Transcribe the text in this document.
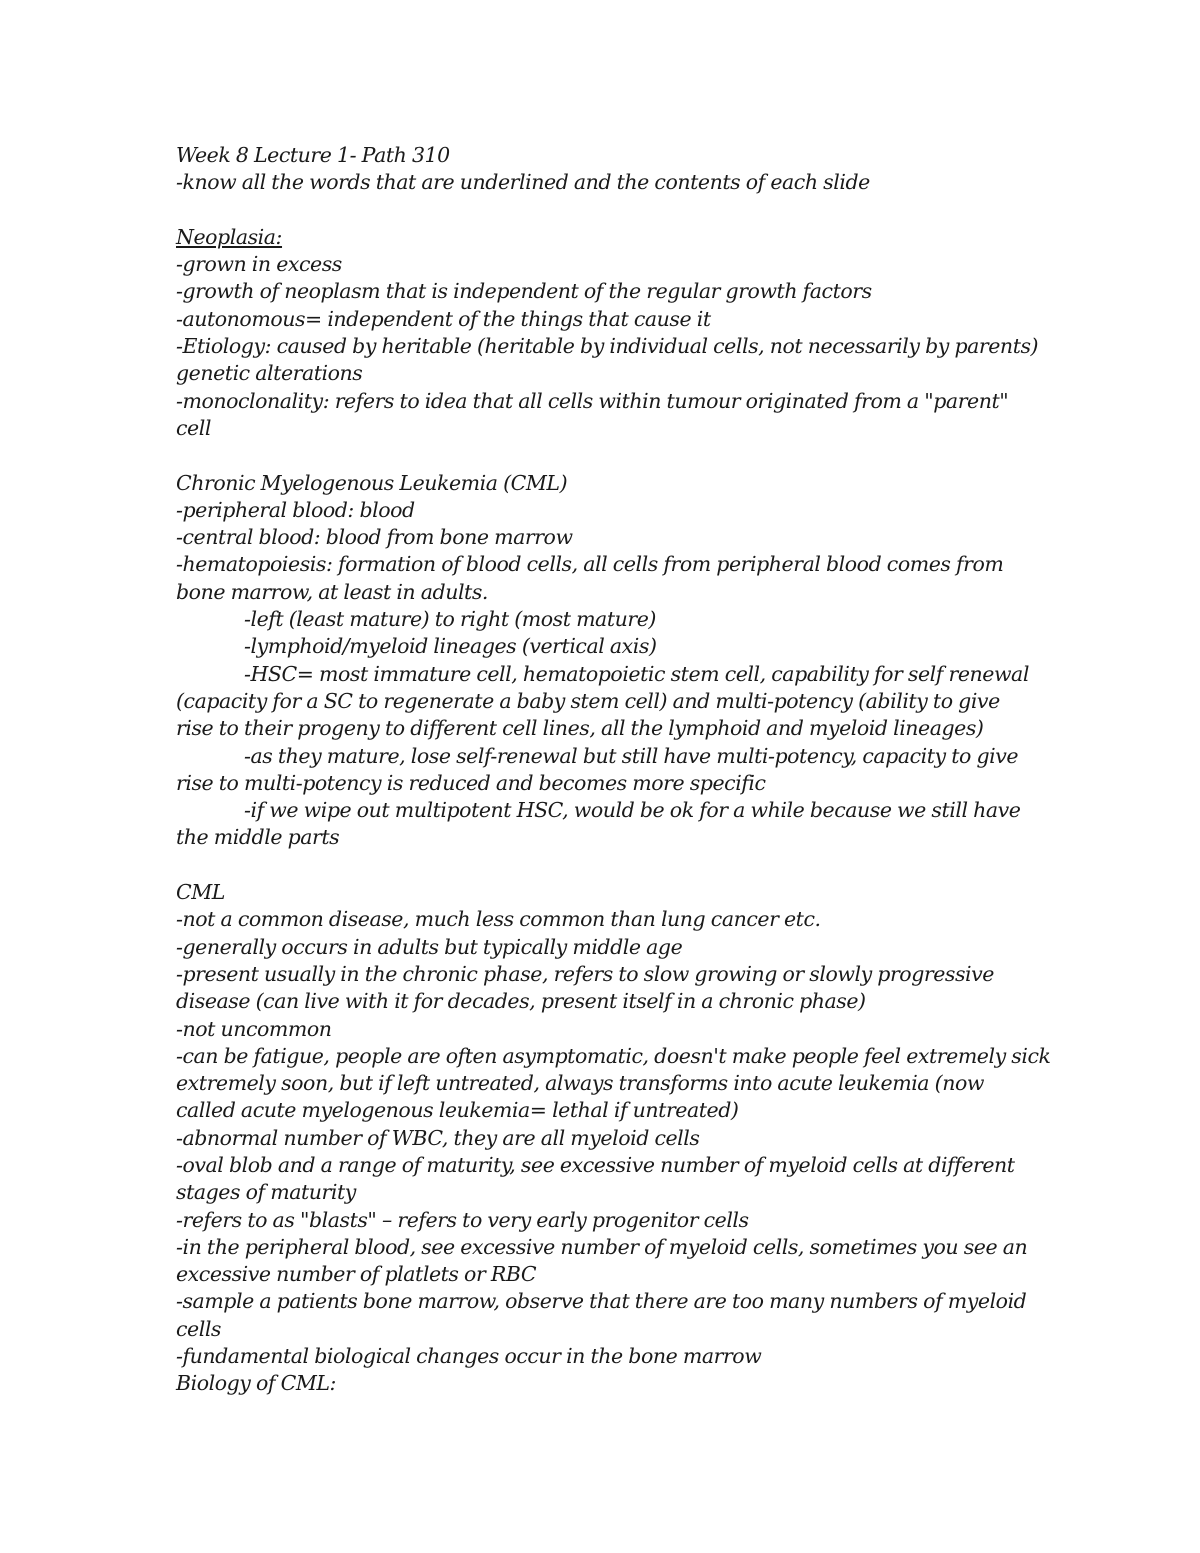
Week 8 Lecture 1- Path 310
-know all the words that are underlined and the contents of each slide
Neoplasia:
-grown in excess
-growth of neoplasm that is independent of the regular growth factors
-autonomous= independent of the things that cause it
-Etiology: caused by heritable (heritable by individual cells, not necessarily by parents)
genetic alterations
-monoclonality: refers to idea that all cells within tumour originated from a "parent"
cell
Chronic Myelogenous Leukemia (CML)
-peripheral blood: blood
-central blood: blood from bone marrow
-hematopoiesis: formation of blood cells, all cells from peripheral blood comes from
bone marrow, at least in adults.
-left (least mature) to right (most mature)
-lymphoid/myeloid lineages (vertical axis)
-HSC= most immature cell, hematopoietic stem cell, capability for self renewal
(capacity for a SC to regenerate a baby stem cell) and multi-potency (ability to give
rise to their progeny to different cell lines, all the lymphoid and myeloid lineages)
-as they mature, lose self-renewal but still have multi-potency, capacity to give
rise to multi-potency is reduced and becomes more specific
-if we wipe out multipotent HSC, would be ok for a while because we still have
the middle parts
CML
-not a common disease, much less common than lung cancer etc.
-generally occurs in adults but typically middle age
-present usually in the chronic phase, refers to slow growing or slowly progressive
disease (can live with it for decades, present itself in a chronic phase)
-not uncommon
-can be fatigue, people are often asymptomatic, doesn't make people feel extremely sick
extremely soon, but if left untreated, always transforms into acute leukemia (now
called acute myelogenous leukemia= lethal if untreated)
-abnormal number of WBC, they are all myeloid cells
-oval blob and a range of maturity, see excessive number of myeloid cells at different
stages of maturity
-refers to as "blasts" – refers to very early progenitor cells
-in the peripheral blood, see excessive number of myeloid cells, sometimes you see an
excessive number of platlets or RBC
-sample a patients bone marrow, observe that there are too many numbers of myeloid
cells
-fundamental biological changes occur in the bone marrow
Biology of CML:
